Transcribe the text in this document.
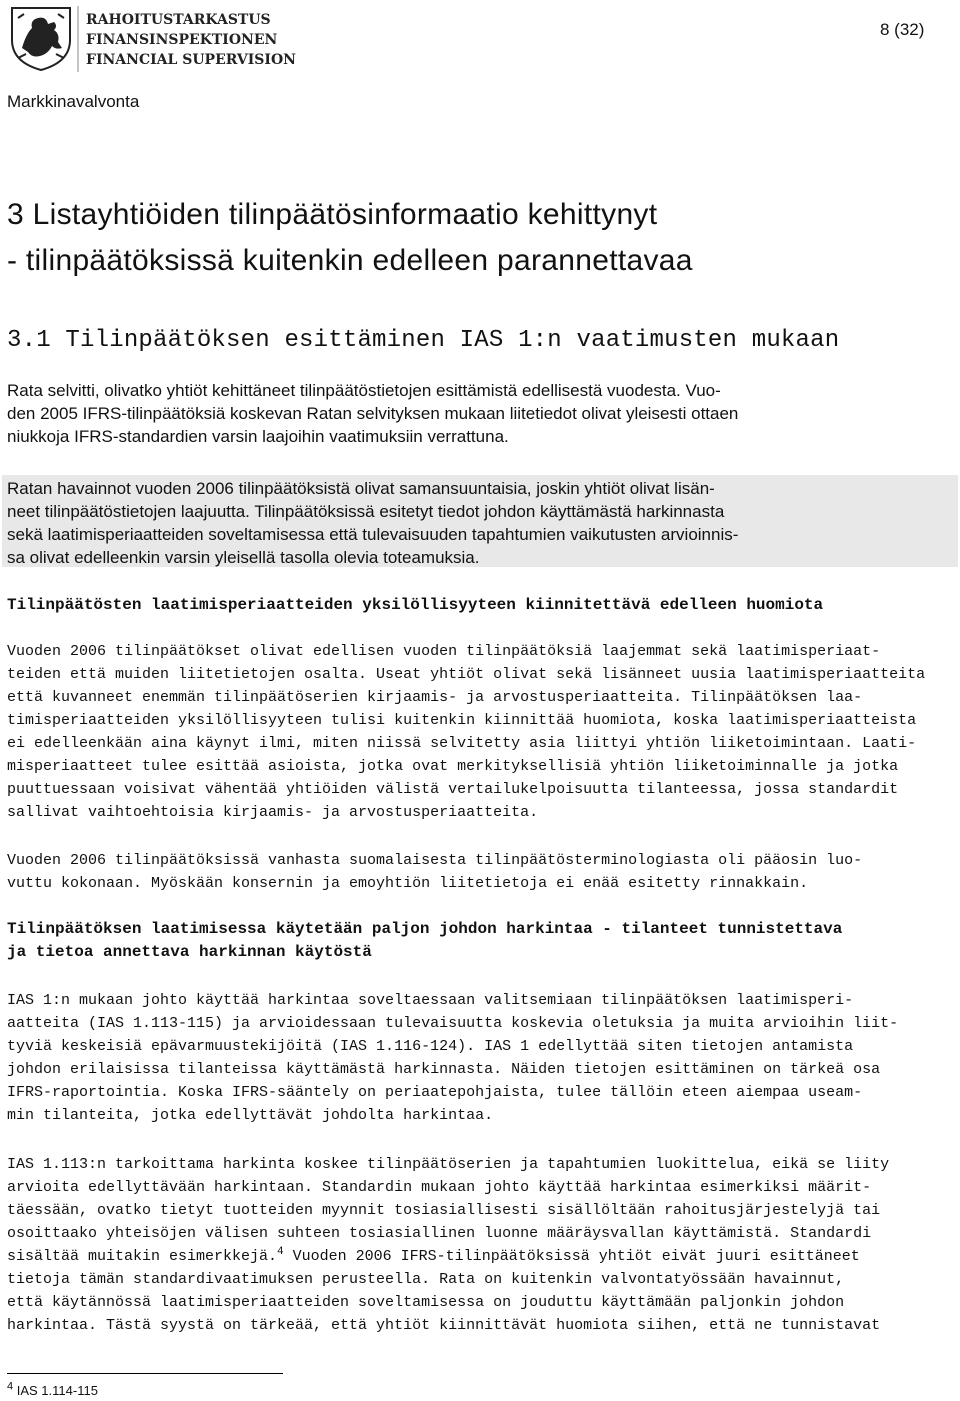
RAHOITUSTARKASTUS
FINANSINSPEKTIONEN
FINANCIAL SUPERVISION
Markkinavalvonta
8 (32)
3 Listayhtiöiden tilinpäätösinformaatio kehittynyt
- tilinpäätöksissä kuitenkin edelleen parannettavaa
3.1 Tilinpäätöksen esittäminen IAS 1:n vaatimusten mukaan
Rata selvitti, olivatko yhtiöt kehittäneet tilinpäätöstietojen esittämistä edellisestä vuodesta. Vuo-
den 2005 IFRS-tilinpäätöksiä koskevan Ratan selvityksen mukaan liitetiedot olivat yleisesti ottaen
niukkoja IFRS-standardien varsin laajoihin vaatimuksiin verrattuna.
Ratan havainnot vuoden 2006 tilinpäätöksistä olivat samansuuntaisia, joskin yhtiöt olivat lisän-
neet tilinpäätöstietojen laajuutta. Tilinpäätöksissä esitetyt tiedot johdon käyttämästä harkinnasta
sekä laatimisperiaatteiden soveltamisessa että tulevaisuuden tapahtumien vaikutusten arvioinnis-
sa olivat edelleenkin varsin yleisellä tasolla olevia toteamuksia.
Tilinpäätösten laatimisperiaatteiden yksilöllisyyteen kiinnitettävä edelleen huomiota
Vuoden 2006 tilinpäätökset olivat edellisen vuoden tilinpäätöksiä laajemmat sekä laatimisperiaat-
teiden että muiden liitetietojen osalta. Useat yhtiöt olivat sekä lisänneet uusia laatimisperiaatteita
että kuvanneet enemmän tilinpäätöserien kirjaamis- ja arvostusperiaatteita. Tilinpäätöksen laa-
timisperiaatteiden yksilöllisyyteen tulisi kuitenkin kiinnittää huomiota, koska laatimisperiaatteista
ei edelleenkään aina käynyt ilmi, miten niissä selvitetty asia liittyi yhtiön liiketoimintaan. Laati-
misperiaatteet tulee esittää asioista, jotka ovat merkityksellisiä yhtiön liiketoiminnalle ja jotka
puuttuessaan voisivat vähentää yhtiöiden välistä vertailukelpoisuutta tilanteessa, jossa standardit
sallivat vaihtoehtoisia kirjaamis- ja arvostusperiaatteita.
Vuoden 2006 tilinpäätöksissä vanhasta suomalaisesta tilinpäätösterminologiasta oli pääosin luo-
vuttu kokonaan. Myöskään konsernin ja emoyhtiön liitetietoja ei enää esitetty rinnakkain.
Tilinpäätöksen laatimisessa käytetään paljon johdon harkintaa - tilanteet tunnistettava
ja tietoa annettava harkinnan käytöstä
IAS 1:n mukaan johto käyttää harkintaa soveltaessaan valitsemiaan tilinpäätöksen laatimisperi-
aatteita (IAS 1.113-115) ja arvioidessaan tulevaisuutta koskevia oletuksia ja muita arvioihin liit-
tyviä keskeisiä epävarmuustekijöitä (IAS 1.116-124). IAS 1 edellyttää siten tietojen antamista
johdon erilaisissa tilanteissa käyttämästä harkinnasta. Näiden tietojen esittäminen on tärkeä osa
IFRS-raportointia. Koska IFRS-sääntely on periaatepohjaista, tulee tällöin eteen aiempaa useam-
min tilanteita, jotka edellyttävät johdolta harkintaa.
IAS 1.113:n tarkoittama harkinta koskee tilinpäätöserien ja tapahtumien luokittelua, eikä se liity
arvioita edellyttävään harkintaan. Standardin mukaan johto käyttää harkintaa esimerkiksi määrit-
täessään, ovatko tietyt tuotteiden myynnit tosiasiallisesti sisällöltään rahoitusjärjestelyjä tai
osoittaako yhteisöjen välisen suhteen tosiasiallinen luonne määräysvallan käyttämistä. Standardi
sisältää muitakin esimerkkejä.$^4$ Vuoden 2006 IFRS-tilinpäätöksissä yhtiöt eivät juuri esittäneet
tietoja tämän standardivaatimuksen perusteella. Rata on kuitenkin valvontatyössään havainnut,
että käytännössä laatimisperiaatteiden soveltamisessa on jouduttu käyttämään paljonkin johdon
harkintaa. Tästä syystä on tärkeää, että yhtiöt kiinnittävät huomiota siihen, että ne tunnistavat
$^4$ IAS 1.114-115
